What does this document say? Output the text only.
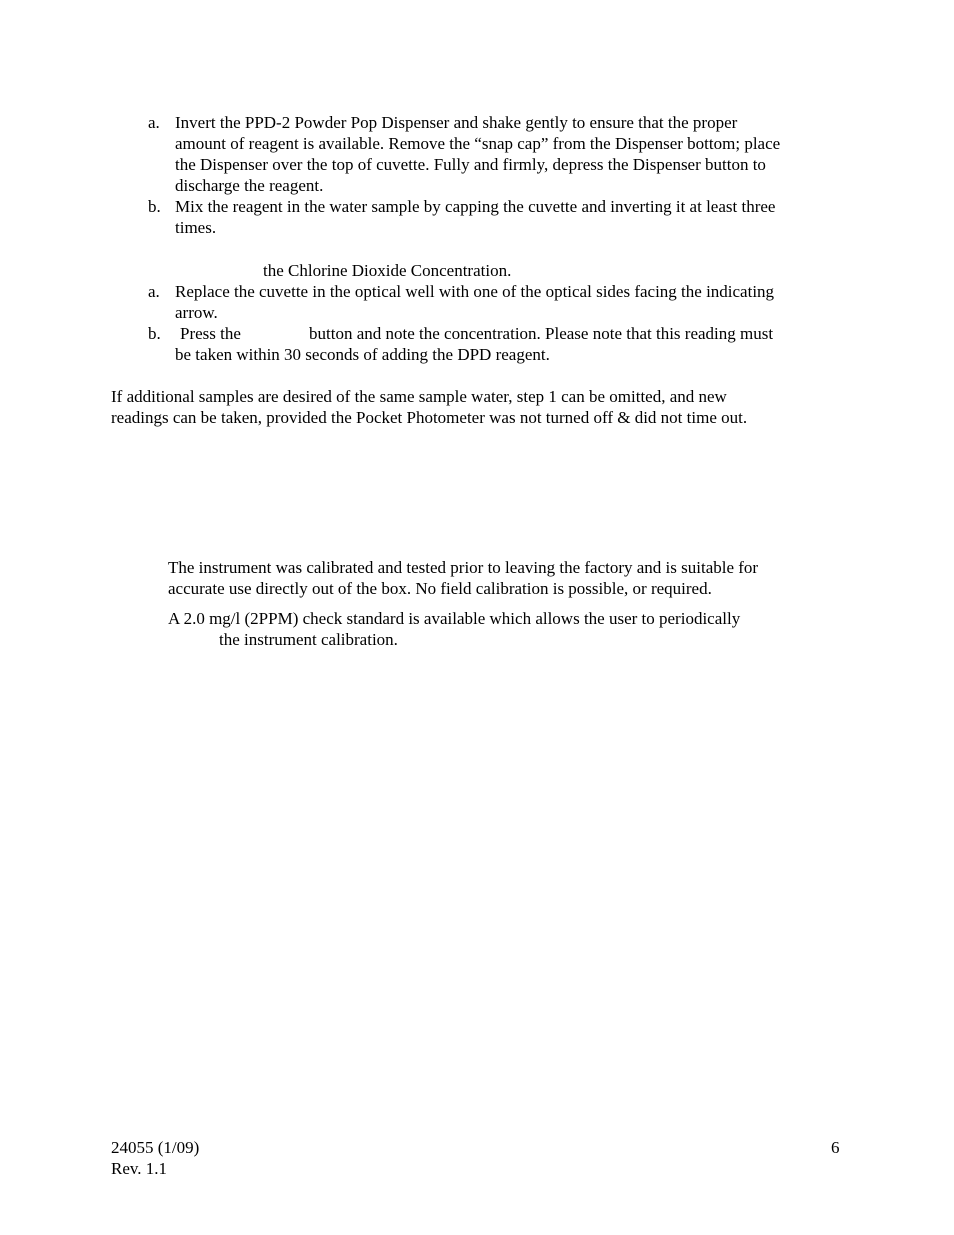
a. Invert the PPD-2 Powder Pop Dispenser and shake gently to ensure that the proper
amount of reagent is available. Remove the “snap cap” from the Dispenser bottom; place
the Dispenser over the top of cuvette. Fully and firmly, depress the Dispenser button to
discharge the reagent.
b. Mix the reagent in the water sample by capping the cuvette and inverting it at least three
times.
the Chlorine Dioxide Concentration.
a. Replace the cuvette in the optical well with one of the optical sides facing the indicating
arrow.
b. Press the	button and note the concentration. Please note that this reading must
be taken within 30 seconds of adding the DPD reagent.
If additional samples are desired of the same sample water, step 1 can be omitted, and new
readings can be taken, provided the Pocket Photometer was not turned off & did not time out.
The instrument was calibrated and tested prior to leaving the factory and is suitable for
accurate use directly out of the box. No field calibration is possible, or required.
A 2.0 mg/l (2PPM) check standard is available which allows the user to periodically
the instrument calibration.
24055 (1/09)
Rev. 1.1
6
